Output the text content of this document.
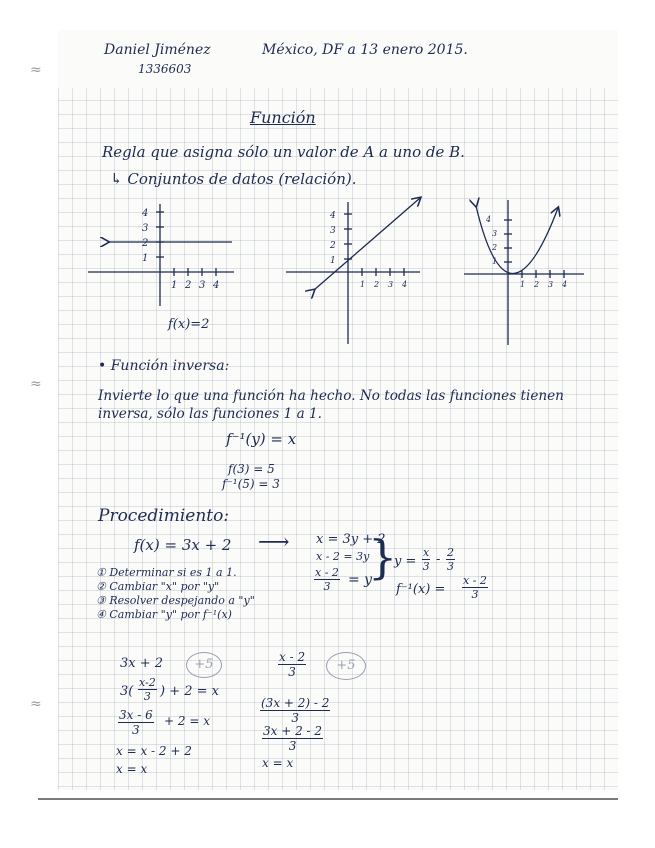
≈
≈
≈
Daniel Jiménez
1336603
México, DF a 13 enero 2015.
Función
Regla que asigna sólo un valor de A a uno de B.
↳ Conjuntos de datos (relación).
4
3
2
1
1 2 3 4
f(x)=2
4
3
2
1
1 2 3 4
4
3
2
1
1 2 3 4
• Función inversa:
Invierte lo que una función ha hecho. No todas las funciones tienen
inversa, sólo las funciones 1 a 1.
f⁻¹(y) = x
f(3) = 5
f⁻¹(5) = 3
Procedimiento:
f(x) = 3x + 2 ⟶
① Determinar si es 1 a 1.
② Cambiar "x" por "y"
③ Resolver despejando a "y"
④ Cambiar "y" por f⁻¹(x)
x = 3y + 2
x - 2 = 3y
$\frac{x - 2}{3} = y$
}
$y = \frac{x}{3} - \frac{2}{3}$
$f^{-1}(x) = \frac{x - 2}{3}$
3x + 2	+5
$3( \frac{x-2}{3}$ ) + 2 = x
$\frac{3x - 6}{3} + 2 = x$
x = x - 2 + 2
x = x
$\frac{x - 2}{3}$	+5
$\frac{(3x + 2) - 2}{3}$
$\frac{3x + 2 - 2}{3}$
x = x
